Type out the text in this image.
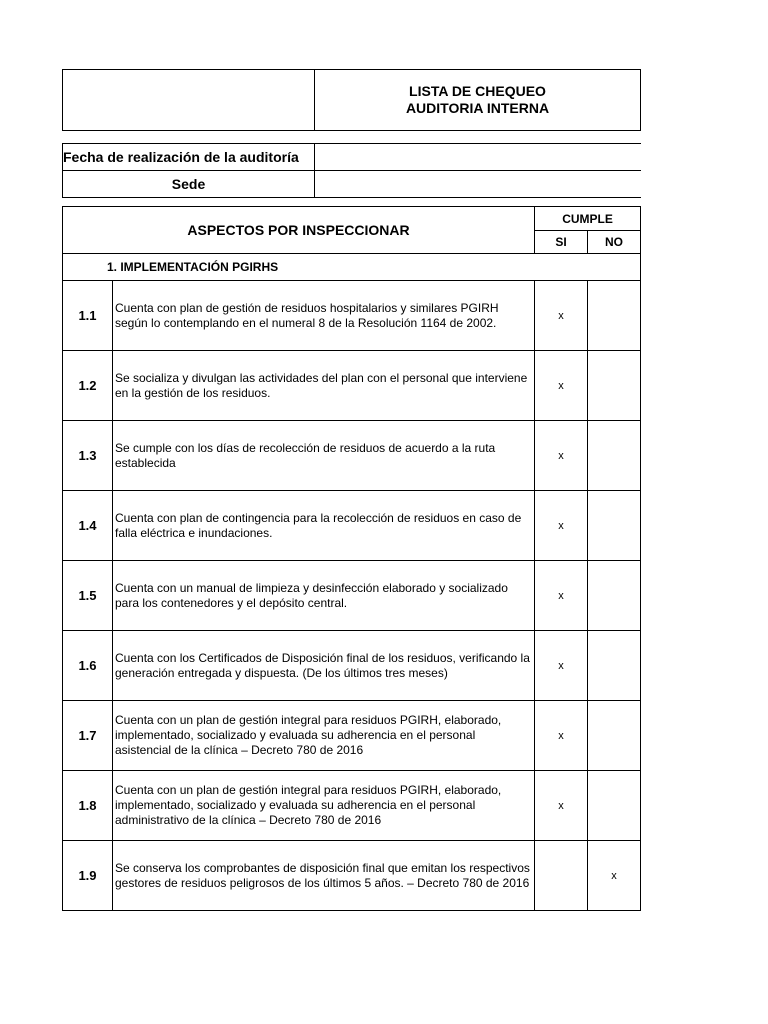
LISTA DE CHEQUEO
AUDITORIA INTERNA
Fecha de realización de la auditoría	
Sede	
ASPECTOS POR INSPECCIONAR		CUMPLE	
		SI	NO
1. IMPLEMENTACIÓN PGIRHS			
1.1	Cuenta con plan de gestión de residuos hospitalarios y similares PGIRH según lo contemplando en el numeral 8 de la Resolución 1164 de 2002.	x	
1.2	Se socializa y divulgan las actividades del plan con el personal que interviene en la gestión de los residuos.	x	
1.3	Se cumple con los días de recolección de residuos de acuerdo a la ruta establecida	x	
1.4	Cuenta con plan de contingencia para la recolección de residuos en caso de falla eléctrica e inundaciones.	x	
1.5	Cuenta con un manual de limpieza y desinfección elaborado y socializado para los contenedores y el depósito central.	x	
1.6	Cuenta con los Certificados de Disposición final de los residuos, verificando la generación entregada y dispuesta. (De los últimos tres meses)	x	
1.7	Cuenta con un plan de gestión integral para residuos PGIRH, elaborado, implementado, socializado y evaluada su adherencia en el personal asistencial de la clínica – Decreto 780 de 2016	x	
1.8	Cuenta con un plan de gestión integral para residuos PGIRH, elaborado, implementado, socializado y evaluada su adherencia en el personal administrativo de la clínica – Decreto 780 de 2016	x	
1.9	Se conserva los comprobantes de disposición final que emitan los respectivos gestores de residuos peligrosos de los últimos 5 años. – Decreto 780 de 2016		x
